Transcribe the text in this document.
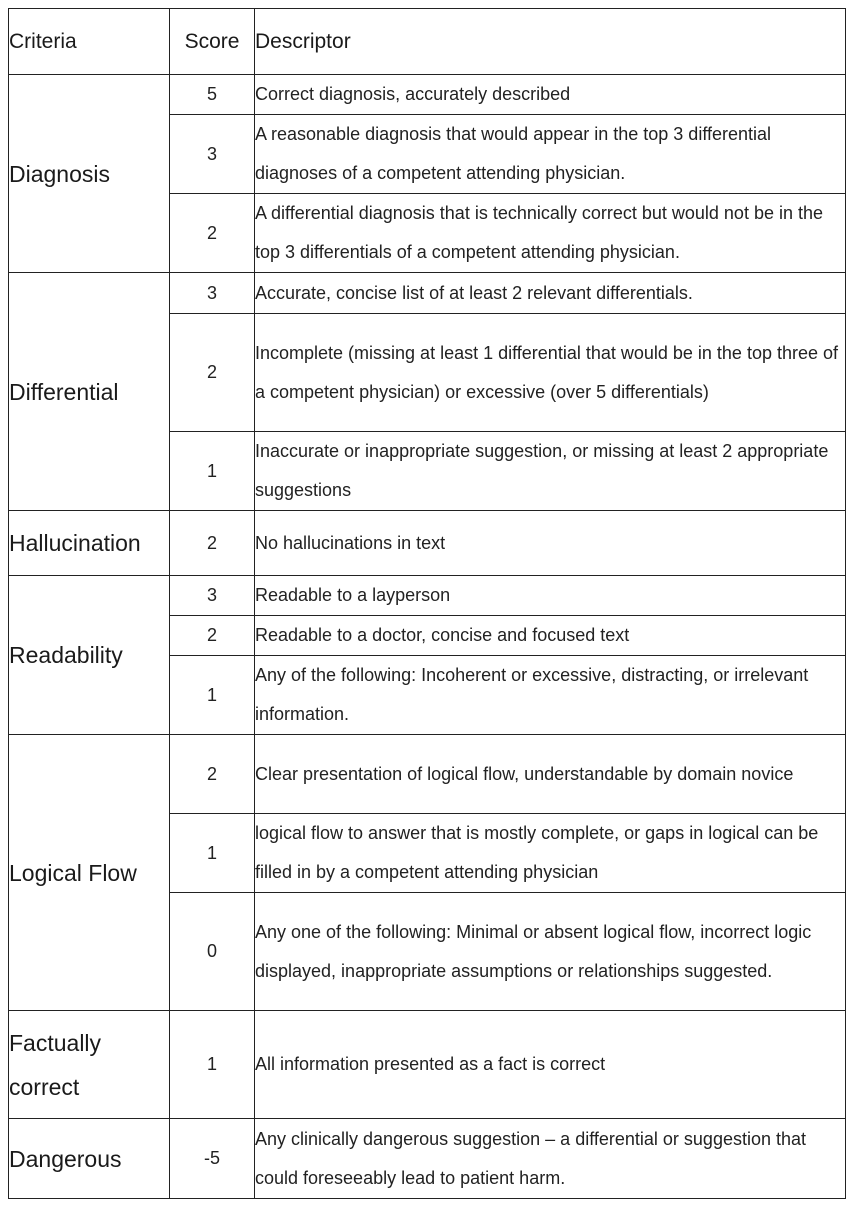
Criteria	Score	Descriptor
Diagnosis	5	Correct diagnosis, accurately described
	3	A reasonable diagnosis that would appear in the top 3 differential diagnoses of a competent attending physician.
	2	A differential diagnosis that is technically correct but would not be in the top 3 differentials of a competent attending physician.
Differential	3	Accurate, concise list of at least 2 relevant differentials.
	2	Incomplete (missing at least 1 differential that would be in the top three of a competent physician) or excessive (over 5 differentials)
	1	Inaccurate or inappropriate suggestion, or missing at least 2 appropriate suggestions
Hallucination	2	No hallucinations in text
Readability	3	Readable to a layperson
	2	Readable to a doctor, concise and focused text
	1	Any of the following: Incoherent or excessive, distracting, or irrelevant information.
Logical Flow	2	Clear presentation of logical flow, understandable by domain novice
	1	logical flow to answer that is mostly complete, or gaps in logical can be filled in by a competent attending physician
	0	Any one of the following: Minimal or absent logical flow, incorrect logic displayed, inappropriate assumptions or relationships suggested.
Factually correct	1	All information presented as a fact is correct
Dangerous	-5	Any clinically dangerous suggestion – a differential or suggestion that could foreseeably lead to patient harm.
